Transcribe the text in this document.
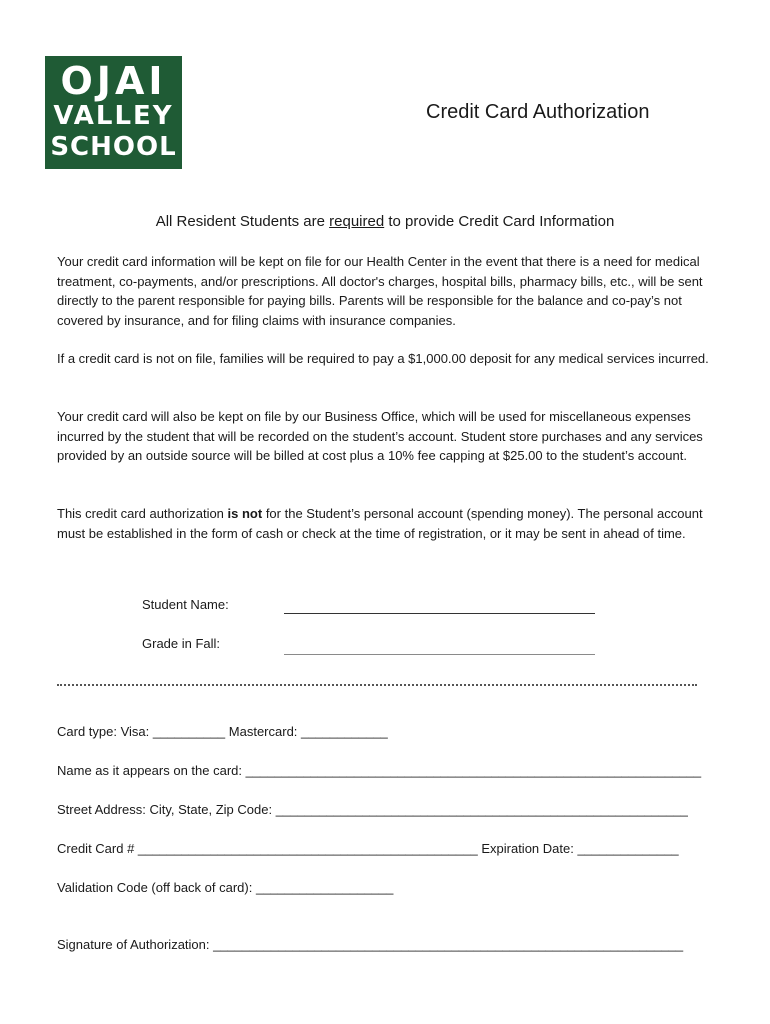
OJAI
VALLEY
SCHOOL
Credit Card Authorization
All Resident Students are required to provide Credit Card Information

Your credit card information will be kept on file for our Health Center in the event that there is a need for medical treatment, co-payments, and/or prescriptions. All doctor's charges, hospital bills, pharmacy bills, etc., will be sent directly to the parent responsible for paying bills. Parents will be responsible for the balance and co-pay’s not covered by insurance, and for filing claims with insurance companies.

If a credit card is not on file, families will be required to pay a $1,000.00 deposit for any medical services incurred.

Your credit card will also be kept on file by our Business Office, which will be used for miscellaneous expenses incurred by the student that will be recorded on the student’s account. Student store purchases and any services provided by an outside source will be billed at cost plus a 10% fee capping at $25.00 to the student’s account.

This credit card authorization is not for the Student’s personal account (spending money). The personal account must be established in the form of cash or check at the time of registration, or it may be sent in ahead of time.

Student Name:
Grade in Fall:
Card type: Visa: __________ Mastercard: ____________
Name as it appears on the card: _______________________________________________________________
Street Address: City, State, Zip Code: _________________________________________________________
Credit Card # _______________________________________________ Expiration Date: ______________
Validation Code (off back of card): ___________________
Signature of Authorization: _________________________________________________________________
